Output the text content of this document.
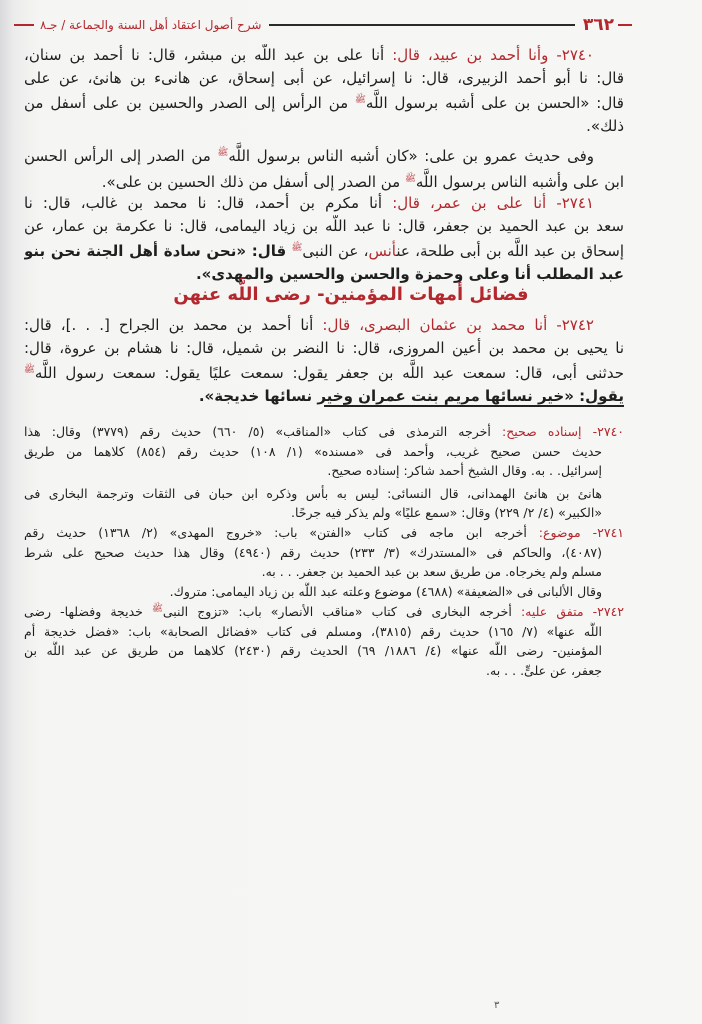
٣٦٢
شرح أصول اعتقاد أهل السنة والجماعة / جـ٨
٢٧٤٠- وأنا أحمد بن عبيد، قال: أنا على بن عبد اللَّه بن مبشر، قال: نا أحمد بن سنان،
قال: نا أبو أحمد الزبيرى، قال: نا إسرائيل، عن أبى إسحاق، عن هانىء بن هانئ، عن على
قال: «الحسن بن على أشبه برسول اللَّه$^ﷺ$ من الرأس إلى الصدر والحسين بن على أسفل من
ذلك».
وفى حديث عمرو بن على: «كان أشبه الناس برسول اللَّه$^ﷺ$ من الصدر إلى الرأس الحسن
ابن على وأشبه الناس برسول اللَّه$^ﷺ$ من الصدر إلى أسفل من ذلك الحسين بن على».
٢٧٤١- أنا على بن عمر، قال: أنا مكرم بن أحمد، قال: نا محمد بن غالب، قال: نا
سعد بن عبد الحميد بن جعفر، قال: نا عبد اللَّه بن زياد اليمامى، قال: نا عكرمة بن عمار، عن
إسحاق بن عبد اللَّه بن أبى طلحة، عنأنس، عن النبى$^ﷺ$ قال: «نحن سادة أهل الجنة نحن بنو
عبد المطلب أنا وعلى وحمزة والحسن والحسين والمهدى».
فضائل أمهات المؤمنين- رضى اللَّه عنهن
٢٧٤٢- أنا محمد بن عثمان البصرى، قال: أنا أحمد بن محمد بن الجراح [. . .]، قال:
نا يحيى بن محمد بن أعين المروزى، قال: نا النضر بن شميل، قال: نا هشام بن عروة، قال:
حدثنى أبى، قال: سمعت عبد اللَّه بن جعفر يقول: سمعت عليًا يقول: سمعت رسول اللَّه$^ﷺ$
يقول: «خير نسائها مريم بنت عمران وخير نسائها خديجة».
٢٧٤٠- إسناده صحيح: أخرجه الترمذى فى كتاب «المناقب» (٥/ ٦٦٠) حديث رقم (٣٧٧٩) وقال: هذا
حديث حسن صحيح غريب، وأحمد فى «مسنده» (١/ ١٠٨) حديث رقم (٨٥٤) كلاهما من طريق
إسرائيل. . به. وقال الشيخ أحمد شاكر: إسناده صحيح.
هانئ بن هانئ الهمدانى، قال النسائى: ليس به بأس وذكره ابن حبان فى الثقات وترجمة البخارى فى
«الكبير» (٤/ ٢/ ٢٢٩) وقال: «سمع عليًا» ولم يذكر فيه جرحًا.
٢٧٤١- موضوع: أخرجه ابن ماجه فى كتاب «الفتن» باب: «خروج المهدى» (٢/ ١٣٦٨) حديث رقم
(٤٠٨٧)، والحاكم فى «المستدرك» (٣/ ٢٣٣) حديث رقم (٤٩٤٠) وقال هذا حديث صحيح على شرط
مسلم ولم يخرجاه. من طريق سعد بن عبد الحميد بن جعفر. . . به.
وقال الألبانى فى «الضعيفة» (٤٦٨٨) موضوع وعلته عبد اللَّه بن زياد اليمامى: متروك.
٢٧٤٢- متفق عليه: أخرجه البخارى فى كتاب «مناقب الأنصار» باب: «تزوج النبى$^ﷺ$ خديجة وفضلها- رضى
اللَّه عنها» (٧/ ١٦٥) حديث رقم (٣٨١٥)، ومسلم فى كتاب «فضائل الصحابة» باب: «فضل خديجة أم
المؤمنين- رضى اللَّه عنها» (٤/ ١٨٨٦/ ٦٩) الحديث رقم (٢٤٣٠) كلاهما من طريق عن عبد اللَّه بن
جعفر، عن علىٍّ. . . به.
٣
